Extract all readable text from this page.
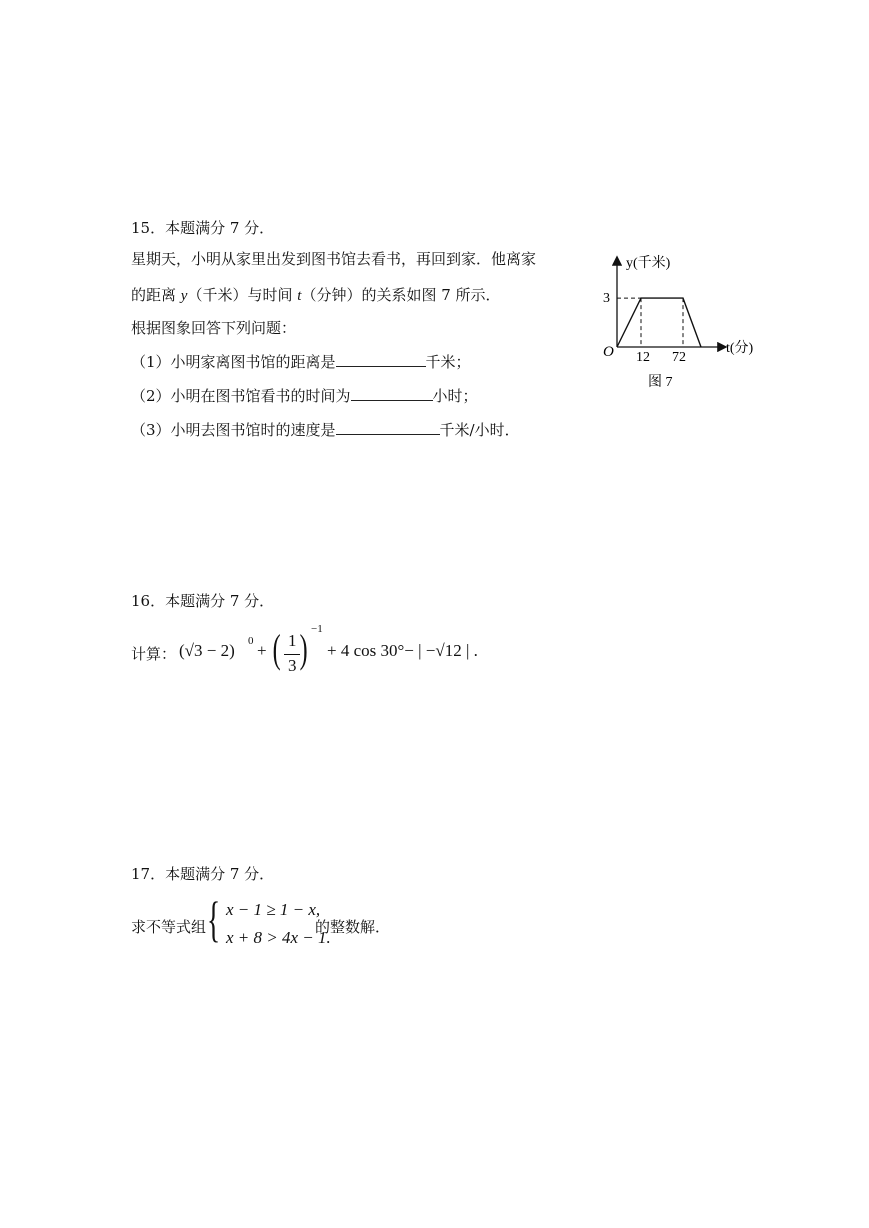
15．本题满分 7 分．
星期天，小明从家里出发到图书馆去看书，再回到家．他离家
的距离 y（千米）与时间 t（分钟）的关系如图 7 所示．
根据图象回答下列问题：
（1）小明家离图书馆的距离是	千米；
（2）小明在图书馆看书的时间为	小时；
（3）小明去图书馆时的速度是	千米/小时．
y(千米)
t(分)
O
3
12 72
图 7
16．本题满分 7 分．
计算： (√3 − 2) 0 + ( 1
3 ) −1
+ 4 cos 30°− | −√12 | .
17．本题满分 7 分．
求不等式组 { x − 1 ≥ 1 − x,
x + 8 > 4x − 1.
的整数解．
